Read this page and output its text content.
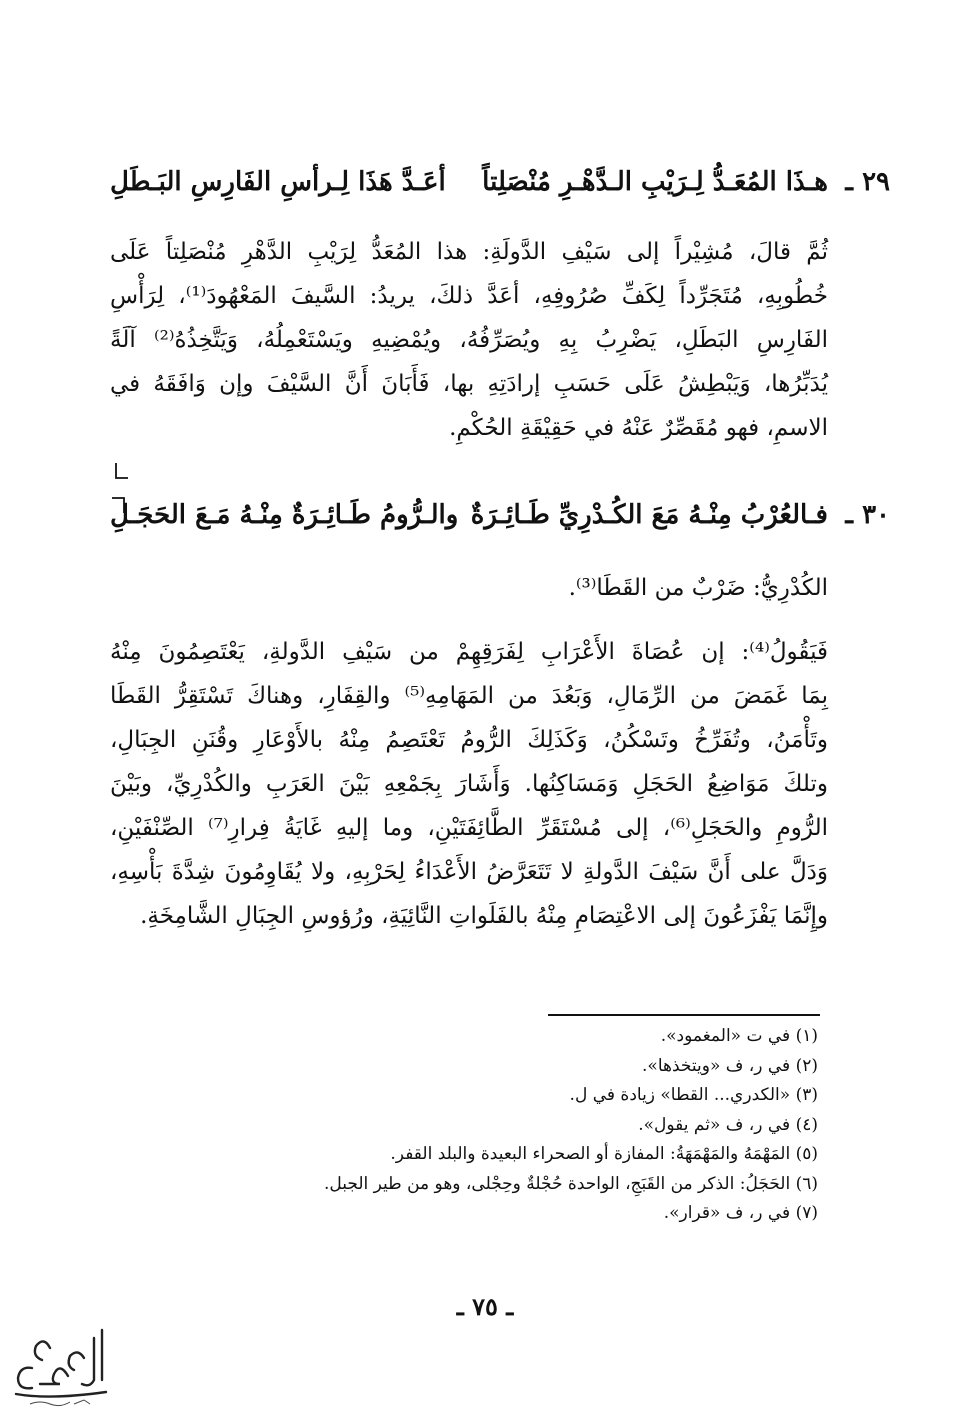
٢٩ ـ
هـذَا المُعَـدُّ لِـرَيْبِ الـدَّهْـرِ مُنْصَلِتاً
أعَـدَّ هَذَا لِـرأسِ الفَارِسِ البَـطَلِ
ثُمَّ قالَ، مُشِيْراً إلى سَيْفِ الدَّولَةِ: هذا المُعَدُّ لِرَيْبِ الدَّهْرِ مُنْصَلِتاً عَلَى
خُطُوبِهِ، مُتَجَرِّداً لِكَفِّ صُرُوفِهِ، أعَدَّ ذلكَ، يريدُ: السَّيفَ المَعْهُودَ⁽¹⁾، لِرَأْسِ
الفَارِسِ البَطَلِ، يَضْرِبُ بِهِ ويُصَرِّفُهُ، ويُمْضِيهِ ويَسْتَعْمِلُهُ، وَيَتَّخِذُهُ⁽²⁾ آلَةً
يُدَبِّرُها، وَيَبْطِشُ عَلَى حَسَبِ إرادَتِهِ بها، فَأَبَانَ أَنَّ السَّيْفَ وإن وَافَقَهُ في
الاسمِ، فهو مُقَصِّرٌ عَنْهُ في حَقِيْقَةِ الحُكْمِ.
٣٠ ـ
فـالعُرْبُ مِنْـهُ مَعَ الكُـدْرِيِّ طَـائِـرَةٌ
والـرُّومُ طَـائِـرَةٌ مِنْـهُ مَـعَ الحَجَـلِ
الكُدْرِيُّ: ضَرْبٌ من القَطَا⁽³⁾.
فَيَقُولُ⁽⁴⁾: إن عُصَاةَ الأَعْرَابِ لِفَرَقِهِمْ من سَيْفِ الدَّولةِ، يَعْتَصِمُونَ مِنْهُ
بِمَا غَمَضَ من الرِّمَالِ، وَبَعُدَ من المَهَامِهِ⁽⁵⁾ والقِفَارِ، وهناكَ تَسْتَقِرُّ القَطَا
وتَأْمَنُ، وتُفَرِّخُ وتَسْكُنُ، وَكَذَلِكَ الرُّومُ تَعْتَصِمُ مِنْهُ بالأَوْعَارِ وقُنَنِ الجِبَالِ،
وتلكَ مَوَاضِعُ الحَجَلِ وَمَسَاكِنُها. وَأَشَارَ بِجَمْعِهِ بَيْنَ العَرَبِ والكُدْرِيِّ، وبَيْنَ
الرُّومِ والحَجَلِ⁽⁶⁾، إلى مُسْتَقَرِّ الطَّائِفَتَيْنِ، وما إليهِ غَايَةُ فِرارِ⁽⁷⁾ الصِّنْفَيْنِ،
وَدَلَّ على أَنَّ سَيْفَ الدَّولةِ لا تَتَعَرَّضُ الأَعْدَاءُ لِحَرْبِهِ، ولا يُقَاوِمُونَ شِدَّةَ بَأْسِهِ،
وإِنَّمَا يَفْزَعُونَ إلى الاعْتِصَامِ مِنْهُ بالفَلَواتِ النَّائِيَةِ، ورُؤوسِ الجِبَالِ الشَّامِخَةِ.
(١) في ت «المغمود».
(٢) في ر، ف «ويتخذها».
(٣) «الكدري... القطا» زيادة في ل.
(٤) في ر، ف «ثم يقول».
(٥) المَهْمَهُ والمَهْمَهَةُ: المفازة أو الصحراء البعيدة والبلد القفر.
(٦) الحَجَلُ: الذكر من القَبَجِ، الواحدة حُجْلةٌ وحِجْلى، وهو من طير الجبل.
(٧) في ر، ف «قرار».
ـ ٧٥ ـ
